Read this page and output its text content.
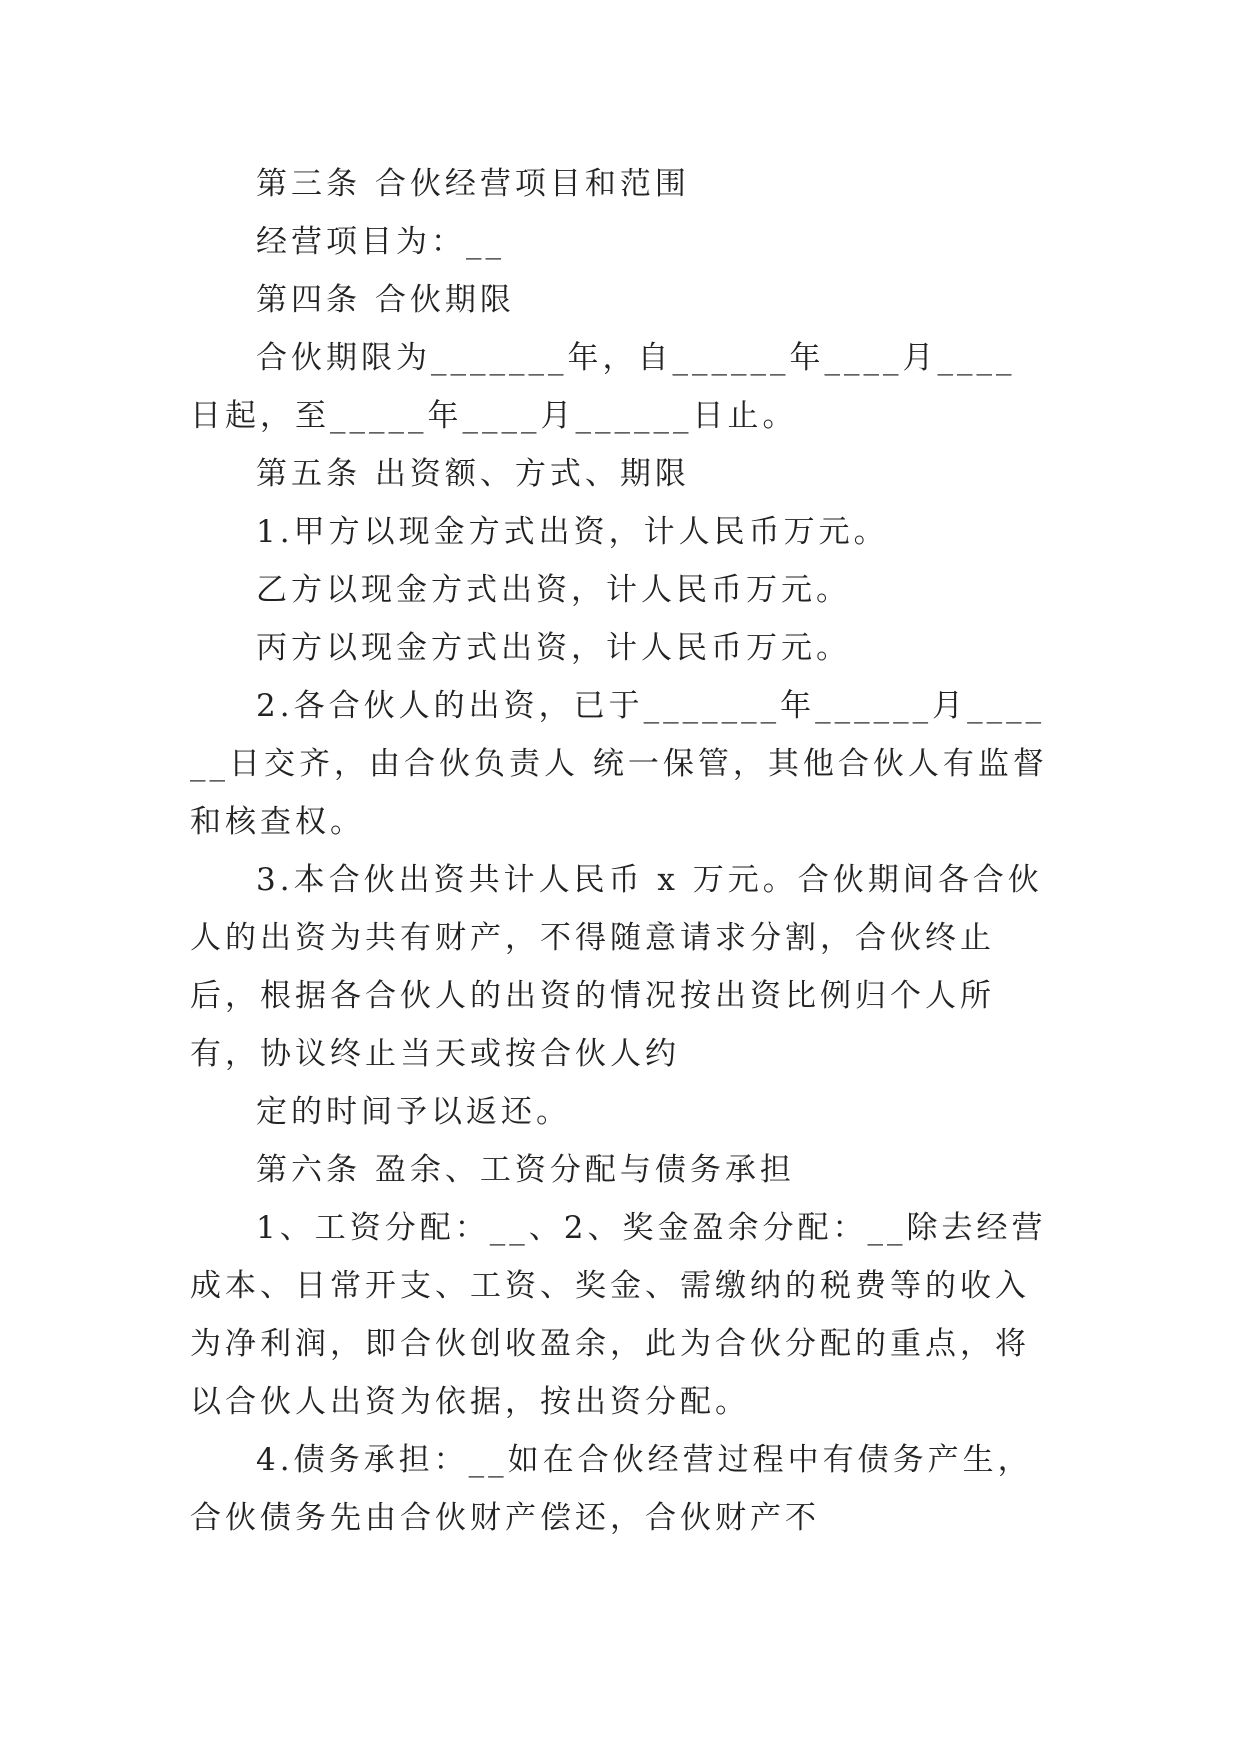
第三条 合伙经营项目和范围

经营项目为：__

第四条 合伙期限

合伙期限为_______年，自______年____月____日起，至_____年____月______日止。

第五条 出资额、方式、期限

1.甲方以现金方式出资，计人民币万元。

乙方以现金方式出资，计人民币万元。

丙方以现金方式出资，计人民币万元。

2.各合伙人的出资，已于_______年______月______日交齐，由合伙负责人 统一保管，其他合伙人有监督和核查权。

3.本合伙出资共计人民币 x 万元。合伙期间各合伙人的出资为共有财产，不得随意请求分割，合伙终止后，根据各合伙人的出资的情况按出资比例归个人所有，协议终止当天或按合伙人约

定的时间予以返还。

第六条 盈余、工资分配与债务承担

1、工资分配：__、2、奖金盈余分配：__除去经营成本、日常开支、工资、奖金、需缴纳的税费等的收入为净利润，即合伙创收盈余，此为合伙分配的重点，将以合伙人出资为依据，按出资分配。

4.债务承担：__如在合伙经营过程中有债务产生，合伙债务先由合伙财产偿还，合伙财产不
